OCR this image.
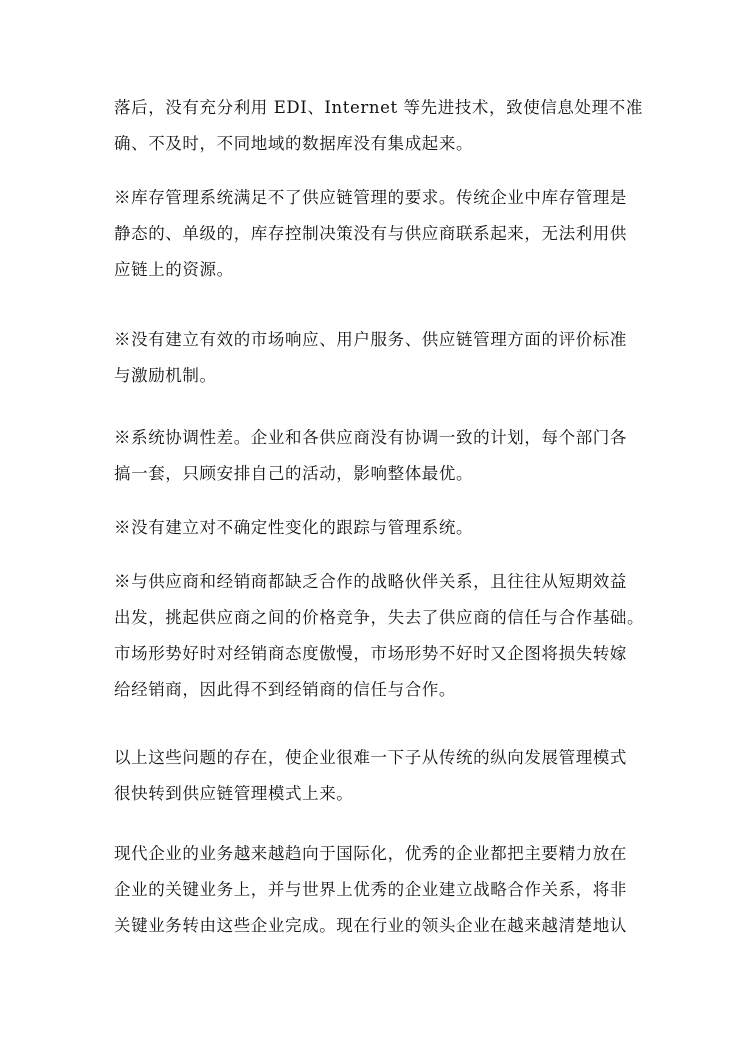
落后，没有充分利用 EDI、Internet 等先进技术，致使信息处理不准
确、不及时，不同地域的数据库没有集成起来。

※库存管理系统满足不了供应链管理的要求。传统企业中库存管理是
静态的、单级的，库存控制决策没有与供应商联系起来，无法利用供
应链上的资源。

※没有建立有效的市场响应、用户服务、供应链管理方面的评价标准
与激励机制。

※系统协调性差。企业和各供应商没有协调一致的计划，每个部门各
搞一套，只顾安排自己的活动，影响整体最优。

※没有建立对不确定性变化的跟踪与管理系统。

※与供应商和经销商都缺乏合作的战略伙伴关系，且往往从短期效益
出发，挑起供应商之间的价格竞争，失去了供应商的信任与合作基础。
市场形势好时对经销商态度傲慢，市场形势不好时又企图将损失转嫁
给经销商，因此得不到经销商的信任与合作。

以上这些问题的存在，使企业很难一下子从传统的纵向发展管理模式
很快转到供应链管理模式上来。

现代企业的业务越来越趋向于国际化，优秀的企业都把主要精力放在
企业的关键业务上，并与世界上优秀的企业建立战略合作关系，将非
关键业务转由这些企业完成。现在行业的领头企业在越来越清楚地认
